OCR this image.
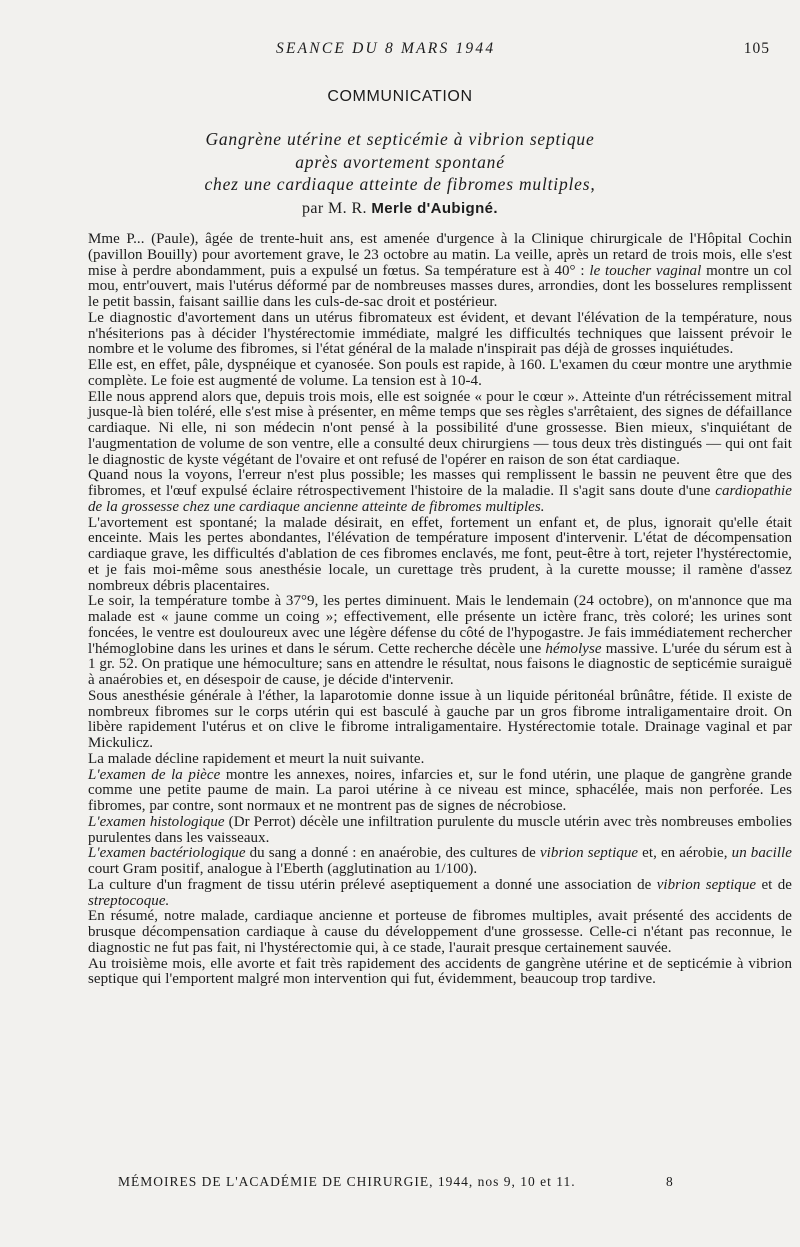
SEANCE DU 8 MARS 1944	105
COMMUNICATION
Gangrène utérine et septicémie à vibrion septique
après avortement spontané
chez une cardiaque atteinte de fibromes multiples,
par M. R. Merle d'Aubigné.

Mme P... (Paule), âgée de trente-huit ans, est amenée d'urgence à la Clinique chirurgicale de l'Hôpital Cochin (pavillon Bouilly) pour avortement grave, le 23 octobre au matin. La veille, après un retard de trois mois, elle s'est mise à perdre abondamment, puis a expulsé un fœtus. Sa température est à 40° : le toucher vaginal montre un col mou, entr'ouvert, mais l'utérus déformé par de nombreuses masses dures, arrondies, dont les bosselures remplissent le petit bassin, faisant saillie dans les culs-de-sac droit et postérieur.

Le diagnostic d'avortement dans un utérus fibromateux est évident, et devant l'élévation de la température, nous n'hésiterions pas à décider l'hystérectomie immédiate, malgré les difficultés techniques que laissent prévoir le nombre et le volume des fibromes, si l'état général de la malade n'inspirait pas déjà de grosses inquiétudes.

Elle est, en effet, pâle, dyspnéique et cyanosée. Son pouls est rapide, à 160. L'examen du cœur montre une arythmie complète. Le foie est augmenté de volume. La tension est à 10-4.

Elle nous apprend alors que, depuis trois mois, elle est soignée « pour le cœur ». Atteinte d'un rétrécissement mitral jusque-là bien toléré, elle s'est mise à présenter, en même temps que ses règles s'arrêtaient, des signes de défaillance cardiaque. Ni elle, ni son médecin n'ont pensé à la possibilité d'une grossesse. Bien mieux, s'inquiétant de l'augmentation de volume de son ventre, elle a consulté deux chirurgiens — tous deux très distingués — qui ont fait le diagnostic de kyste végétant de l'ovaire et ont refusé de l'opérer en raison de son état cardiaque.

Quand nous la voyons, l'erreur n'est plus possible; les masses qui remplissent le bassin ne peuvent être que des fibromes, et l'œuf expulsé éclaire rétrospectivement l'histoire de la maladie. Il s'agit sans doute d'une cardiopathie de la grossesse chez une cardiaque ancienne atteinte de fibromes multiples.

L'avortement est spontané; la malade désirait, en effet, fortement un enfant et, de plus, ignorait qu'elle était enceinte. Mais les pertes abondantes, l'élévation de température imposent d'intervenir. L'état de décompensation cardiaque grave, les difficultés d'ablation de ces fibromes enclavés, me font, peut-être à tort, rejeter l'hystérectomie, et je fais moi-même sous anesthésie locale, un curettage très prudent, à la curette mousse; il ramène d'assez nombreux débris placentaires.

Le soir, la température tombe à 37°9, les pertes diminuent. Mais le lendemain (24 octobre), on m'annonce que ma malade est « jaune comme un coing »; effectivement, elle présente un ictère franc, très coloré; les urines sont foncées, le ventre est douloureux avec une légère défense du côté de l'hypogastre. Je fais immédiatement rechercher l'hémoglobine dans les urines et dans le sérum. Cette recherche décèle une hémolyse massive. L'urée du sérum est à 1 gr. 52. On pratique une hémoculture; sans en attendre le résultat, nous faisons le diagnostic de septicémie suraiguë à anaérobies et, en désespoir de cause, je décide d'intervenir.

Sous anesthésie générale à l'éther, la laparotomie donne issue à un liquide péritonéal brûnâtre, fétide. Il existe de nombreux fibromes sur le corps utérin qui est basculé à gauche par un gros fibrome intraligamentaire droit. On libère rapidement l'utérus et on clive le fibrome intraligamentaire. Hystérectomie totale. Drainage vaginal et par Mickulicz.

La malade décline rapidement et meurt la nuit suivante.

L'examen de la pièce montre les annexes, noires, infarcies et, sur le fond utérin, une plaque de gangrène grande comme une petite paume de main. La paroi utérine à ce niveau est mince, sphacélée, mais non perforée. Les fibromes, par contre, sont normaux et ne montrent pas de signes de nécrobiose.

L'examen histologique (Dr Perrot) décèle une infiltration purulente du muscle utérin avec très nombreuses embolies purulentes dans les vaisseaux.

L'examen bactériologique du sang a donné : en anaérobie, des cultures de vibrion septique et, en aérobie, un bacille court Gram positif, analogue à l'Eberth (agglutination au 1/100).

La culture d'un fragment de tissu utérin prélevé aseptiquement a donné une association de vibrion septique et de streptocoque.

En résumé, notre malade, cardiaque ancienne et porteuse de fibromes multiples, avait présenté des accidents de brusque décompensation cardiaque à cause du développement d'une grossesse. Celle-ci n'étant pas reconnue, le diagnostic ne fut pas fait, ni l'hystérectomie qui, à ce stade, l'aurait presque certainement sauvée.

Au troisième mois, elle avorte et fait très rapidement des accidents de gangrène utérine et de septicémie à vibrion septique qui l'emportent malgré mon intervention qui fut, évidemment, beaucoup trop tardive.

MÉMOIRES DE L'ACADÉMIE DE CHIRURGIE, 1944, nos 9, 10 et 11.	8
